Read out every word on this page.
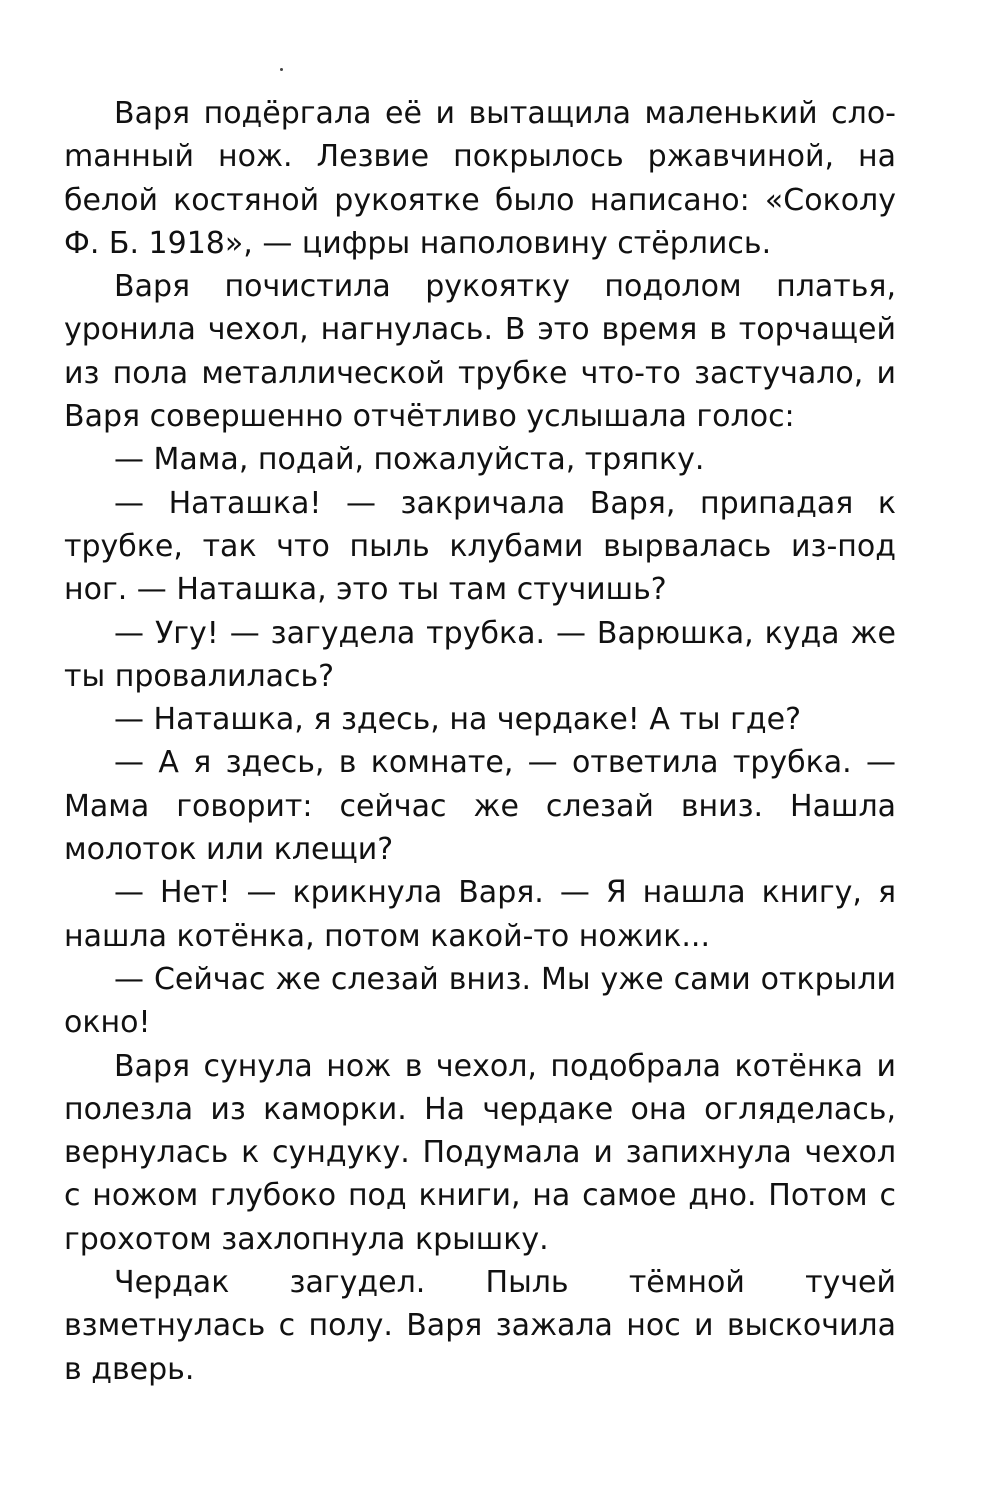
Варя подёргала её и вытащила маленький слоmанный нож. Лезвие покрылось ржавчиной, на белой костяной рукоятке было написано: «Соколу Ф. Б. 1918», — цифры наполовину стёрлись.

Варя почистила рукоятку подолом платья, уронила чехол, нагнулась. В это время в торчащей из пола металлической трубке что-то застучало, и Варя совершенно отчётливо услышала голос:

— Мама, подай, пожалуйста, тряпку.

— Наташка! — закричала Варя, припадая к трубке, так что пыль клубами вырвалась из-под ног. — Наташка, это ты там стучишь?

— Угу! — загудела трубка. — Варюшка, куда же ты провалилась?

— Наташка, я здесь, на чердаке! А ты где?

— А я здесь, в комнате, — ответила трубка. — Мама говорит: сейчас же слезай вниз. Нашла молоток или клещи?

— Нет! — крикнула Варя. — Я нашла книгу, я нашла котёнка, потом какой-то ножик...

— Сейчас же слезай вниз. Мы уже сами открыли окно!

Варя сунула нож в чехол, подобрала котёнка и полезла из каморки. На чердаке она огляделась, вернулась к сундуку. Подумала и запихнула чехол с ножом глубоко под книги, на самое дно. Потом с грохотом захлопнула крышку.

Чердак загудел. Пыль тёмной тучей взметнулась с полу. Варя зажала нос и выскочила в дверь.
